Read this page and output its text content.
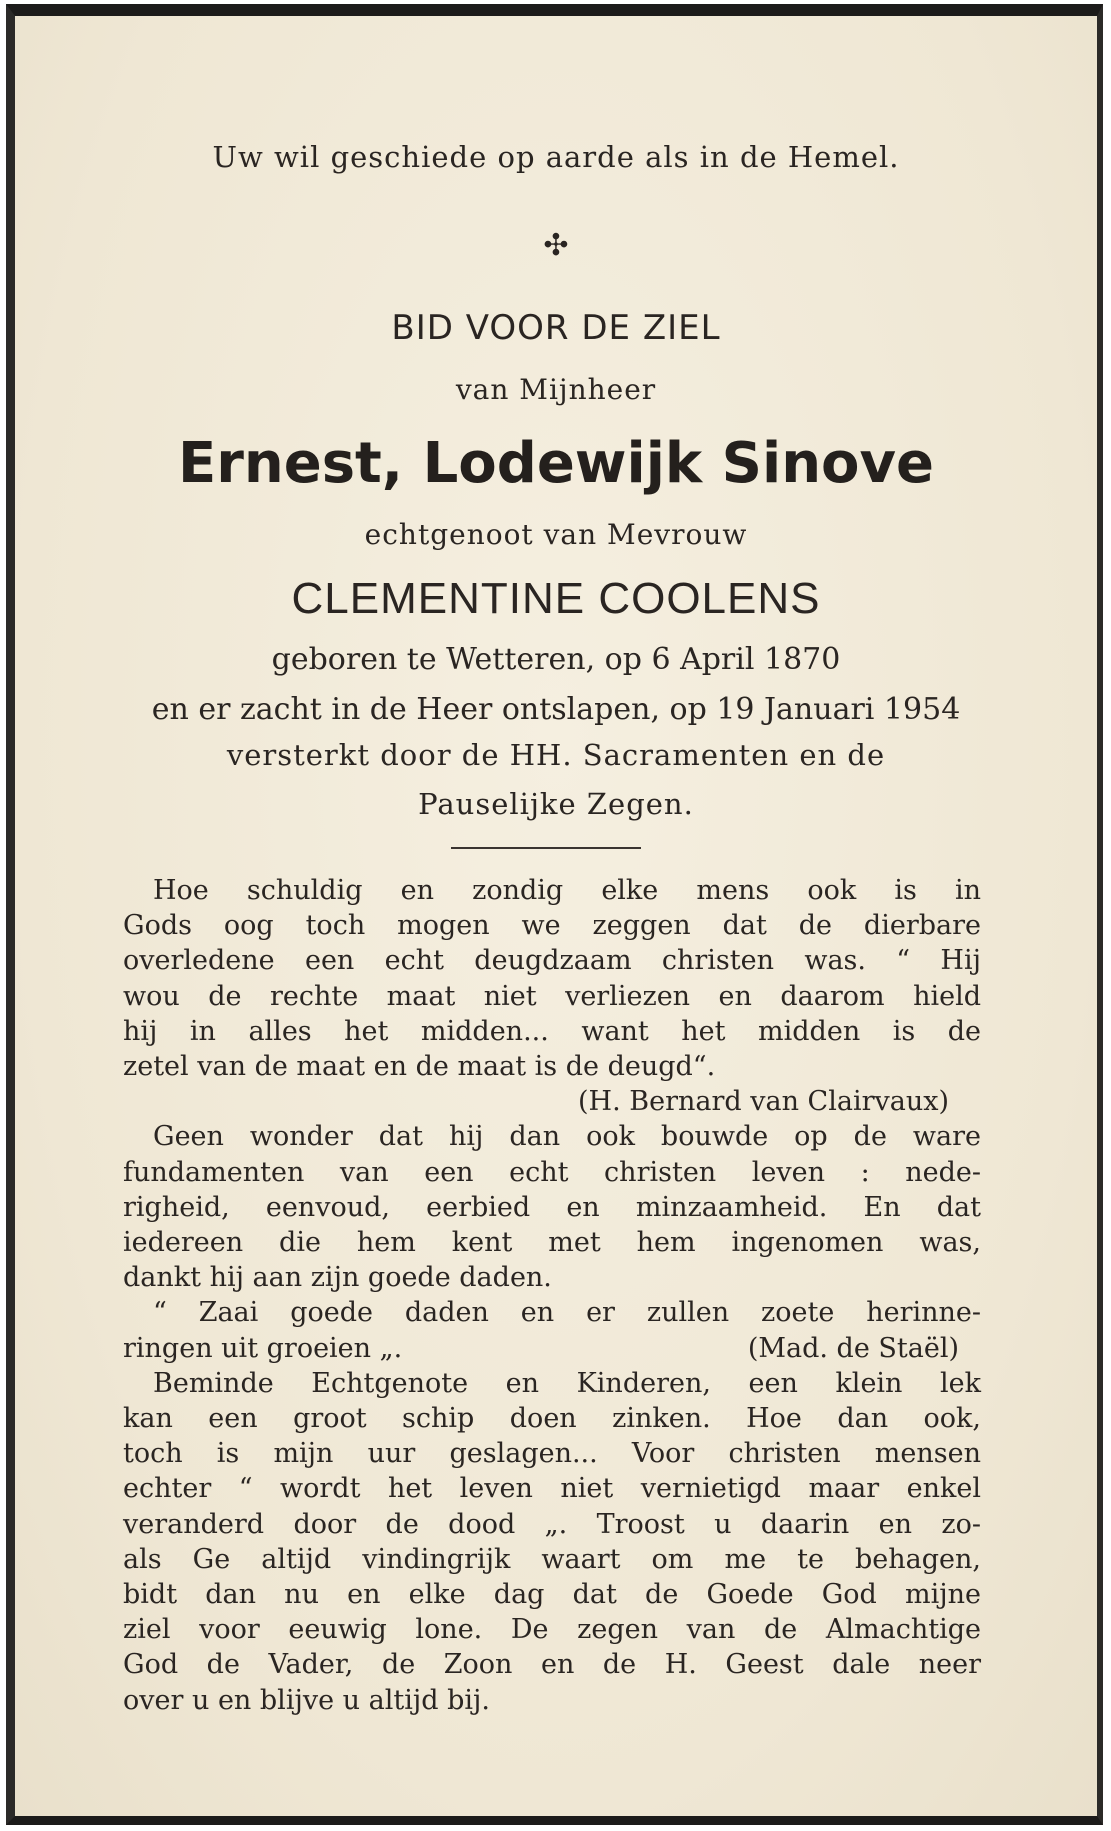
Uw wil geschiede op aarde als in de Hemel.
✣
BID VOOR DE ZIEL
van Mijnheer
Ernest, Lodewijk Sinove
echtgenoot van Mevrouw
CLEMENTINE COOLENS
geboren te Wetteren, op 6 April 1870
en er zacht in de Heer ontslapen, op 19 Januari 1954
versterkt door de HH. Sacramenten en de
Pauselijke Zegen.
Hoe schuldig en zondig elke mens ook is in
Gods oog toch mogen we zeggen dat de dierbare
overledene een echt deugdzaam christen was. “ Hij
wou de rechte maat niet verliezen en daarom hield
hij in alles het midden... want het midden is de
zetel van de maat en de maat is de deugd“.
(H. Bernard van Clairvaux)
Geen wonder dat hij dan ook bouwde op de ware
fundamenten van een echt christen leven : nede-
righeid, eenvoud, eerbied en minzaamheid. En dat
iedereen die hem kent met hem ingenomen was,
dankt hij aan zijn goede daden.
“ Zaai goede daden en er zullen zoete herinne-
ringen uit groeien „.	(Mad. de Staël)
Beminde Echtgenote en Kinderen, een klein lek
kan een groot schip doen zinken. Hoe dan ook,
toch is mijn uur geslagen... Voor christen mensen
echter “ wordt het leven niet vernietigd maar enkel
veranderd door de dood „. Troost u daarin en zo-
als Ge altijd vindingrijk waart om me te behagen,
bidt dan nu en elke dag dat de Goede God mijne
ziel voor eeuwig lone. De zegen van de Almachtige
God de Vader, de Zoon en de H. Geest dale neer
over u en blijve u altijd bij.
